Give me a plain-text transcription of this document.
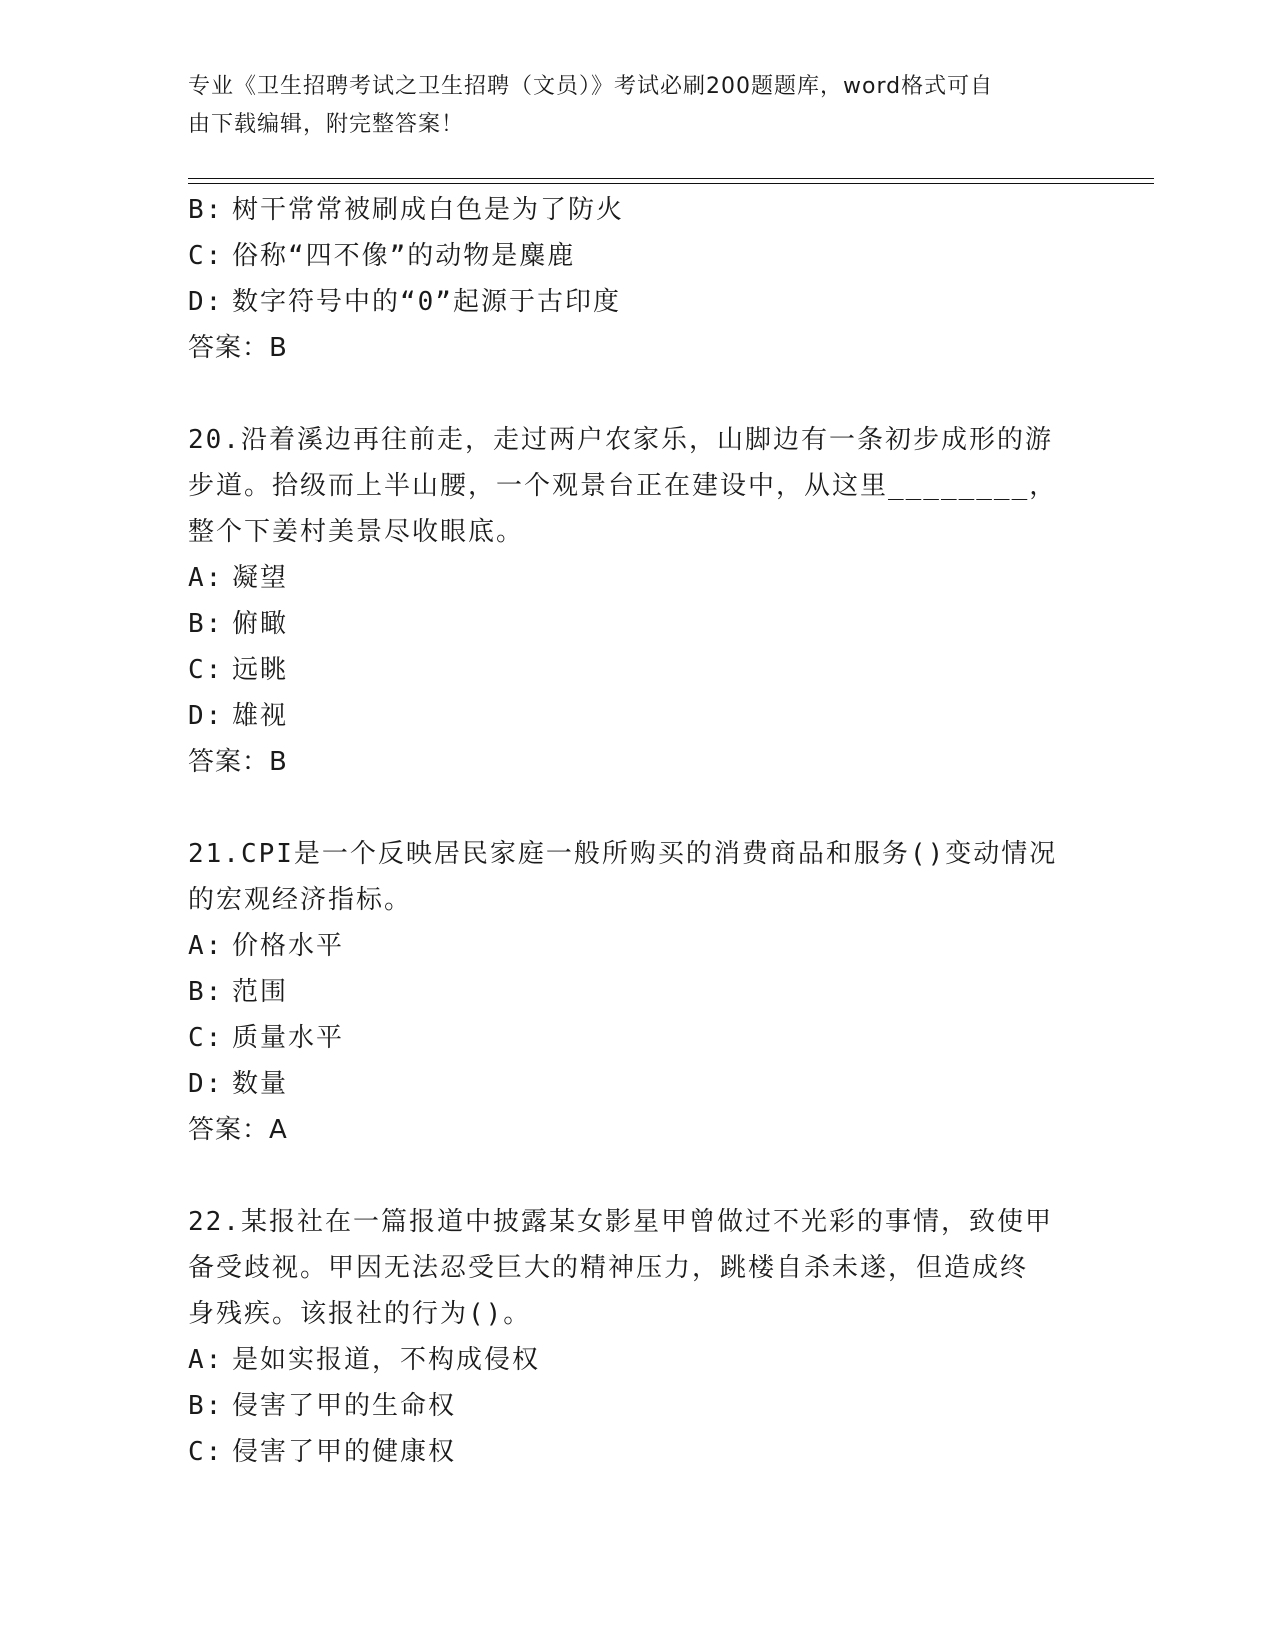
专业《卫生招聘考试之卫生招聘（文员）》考试必刷200题题库，word格式可自
由下载编辑，附完整答案！
B: 树干常常被刷成白色是为了防火
C: 俗称“四不像”的动物是麋鹿
D: 数字符号中的“0”起源于古印度
答案：B
20.沿着溪边再往前走，走过两户农家乐，山脚边有一条初步成形的游
步道。拾级而上半山腰，一个观景台正在建设中，从这里________，
整个下姜村美景尽收眼底。
A: 凝望
B: 俯瞰
C: 远眺
D: 雄视
答案：B
21.CPI是一个反映居民家庭一般所购买的消费商品和服务()变动情况
的宏观经济指标。
A: 价格水平
B: 范围
C: 质量水平
D: 数量
答案：A
22.某报社在一篇报道中披露某女影星甲曾做过不光彩的事情，致使甲
备受歧视。甲因无法忍受巨大的精神压力，跳楼自杀未遂，但造成终
身残疾。该报社的行为()。
A: 是如实报道，不构成侵权
B: 侵害了甲的生命权
C: 侵害了甲的健康权
